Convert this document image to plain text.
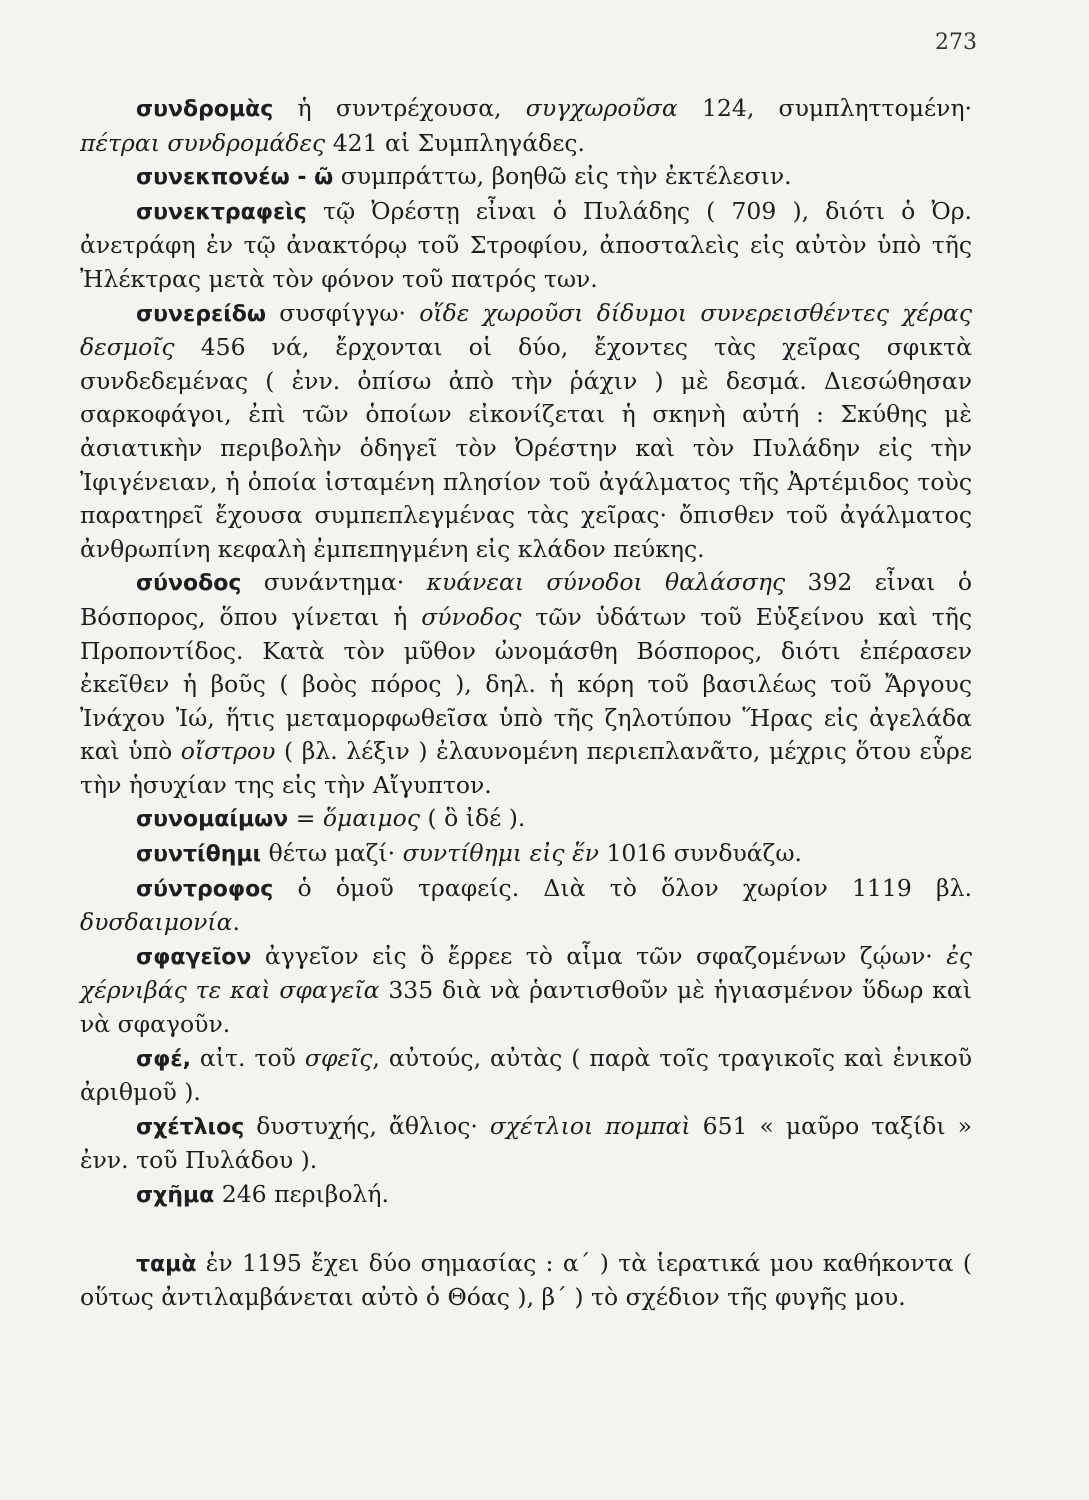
273

συνδρομὰς ἡ συντρέχουσα, συγχωροῦσα 124, συμπληττομένη· πέτραι συνδρομάδες 421 αἱ Συμπληγάδες.

συνεκπονέω - ῶ συμπράττω, βοηθῶ εἰς τὴν ἐκτέλεσιν.

συνεκτραφεὶς τῷ Ὀρέστῃ εἶναι ὁ Πυλάδης ( 709 ), διότι ὁ Ὀρ. ἀνετράφη ἐν τῷ ἀνακτόρῳ τοῦ Στροφίου, ἀποσταλεὶς εἰς αὐτὸν ὑπὸ τῆς Ἠλέκτρας μετὰ τὸν φόνον τοῦ πατρός των.

συνερείδω συσφίγγω· οἵδε χωροῦσι δίδυμοι συνερεισθέντες χέρας δεσμοῖς 456 νά, ἔρχονται οἱ δύο, ἔχοντες τὰς χεῖρας σφικτὰ συνδεδεμένας ( ἐνν. ὀπίσω ἀπὸ τὴν ῥάχιν ) μὲ δεσμά. Διεσώθησαν σαρκοφάγοι, ἐπὶ τῶν ὁποίων εἰκονίζεται ἡ σκηνὴ αὐτή : Σκύθης μὲ ἀσιατικὴν περιβολὴν ὁδηγεῖ τὸν Ὀρέστην καὶ τὸν Πυλάδην εἰς τὴν Ἰφιγένειαν, ἡ ὁποία ἱσταμένη πλησίον τοῦ ἀγάλματος τῆς Ἀρτέμιδος τοὺς παρατηρεῖ ἔχουσα συμπεπλεγμένας τὰς χεῖρας· ὄπισθεν τοῦ ἀγάλματος ἀνθρωπίνη κεφαλὴ ἐμπεπηγμένη εἰς κλάδον πεύκης.

σύνοδος συνάντημα· κυάνεαι σύνοδοι θαλάσσης 392 εἶναι ὁ Βόσπορος, ὅπου γίνεται ἡ σύνοδος τῶν ὑδάτων τοῦ Εὐξείνου καὶ τῆς Προποντίδος. Κατὰ τὸν μῦθον ὠνομάσθη Βόσπορος, διότι ἐπέρασεν ἐκεῖθεν ἡ βοῦς ( βοὸς πόρος ), δηλ. ἡ κόρη τοῦ βασιλέως τοῦ Ἄργους Ἰνάχου Ἰώ, ἥτις μεταμορφωθεῖσα ὑπὸ τῆς ζηλοτύπου Ἥρας εἰς ἀγελάδα καὶ ὑπὸ οἴστρου ( βλ. λέξιν ) ἐλαυνομένη περιεπλανᾶτο, μέχρις ὅτου εὗρε τὴν ἡσυχίαν της εἰς τὴν Αἴγυπτον.

συνομαίμων = ὅμαιμος ( ὃ ἰδέ ).

συντίθημι θέτω μαζί· συντίθημι εἰς ἕν 1016 συνδυάζω.

σύντροφος ὁ ὁμοῦ τραφείς. Διὰ τὸ ὅλον χωρίον 1119 βλ. δυσδαιμονία.

σφαγεῖον ἀγγεῖον εἰς ὃ ἔρρεε τὸ αἷμα τῶν σφαζομένων ζῴων· ἐς χέρνιβάς τε καὶ σφαγεῖα 335 διὰ νὰ ῥαντισθοῦν μὲ ἡγιασμένον ὕδωρ καὶ νὰ σφαγοῦν.

σφέ, αἰτ. τοῦ σφεῖς, αὐτούς, αὐτὰς ( παρὰ τοῖς τραγικοῖς καὶ ἑνικοῦ ἀριθμοῦ ).

σχέτλιος δυστυχής, ἄθλιος· σχέτλιοι πομπαὶ 651 « μαῦρο ταξίδι » ἐνν. τοῦ Πυλάδου ).

σχῆμα 246 περιβολή.

ταμὰ ἐν 1195 ἔχει δύο σημασίας : α΄ ) τὰ ἱερατικά μου καθήκοντα ( οὕτως ἀντιλαμβάνεται αὐτὸ ὁ Θόας ), β΄ ) τὸ σχέδιον τῆς φυγῆς μου.
